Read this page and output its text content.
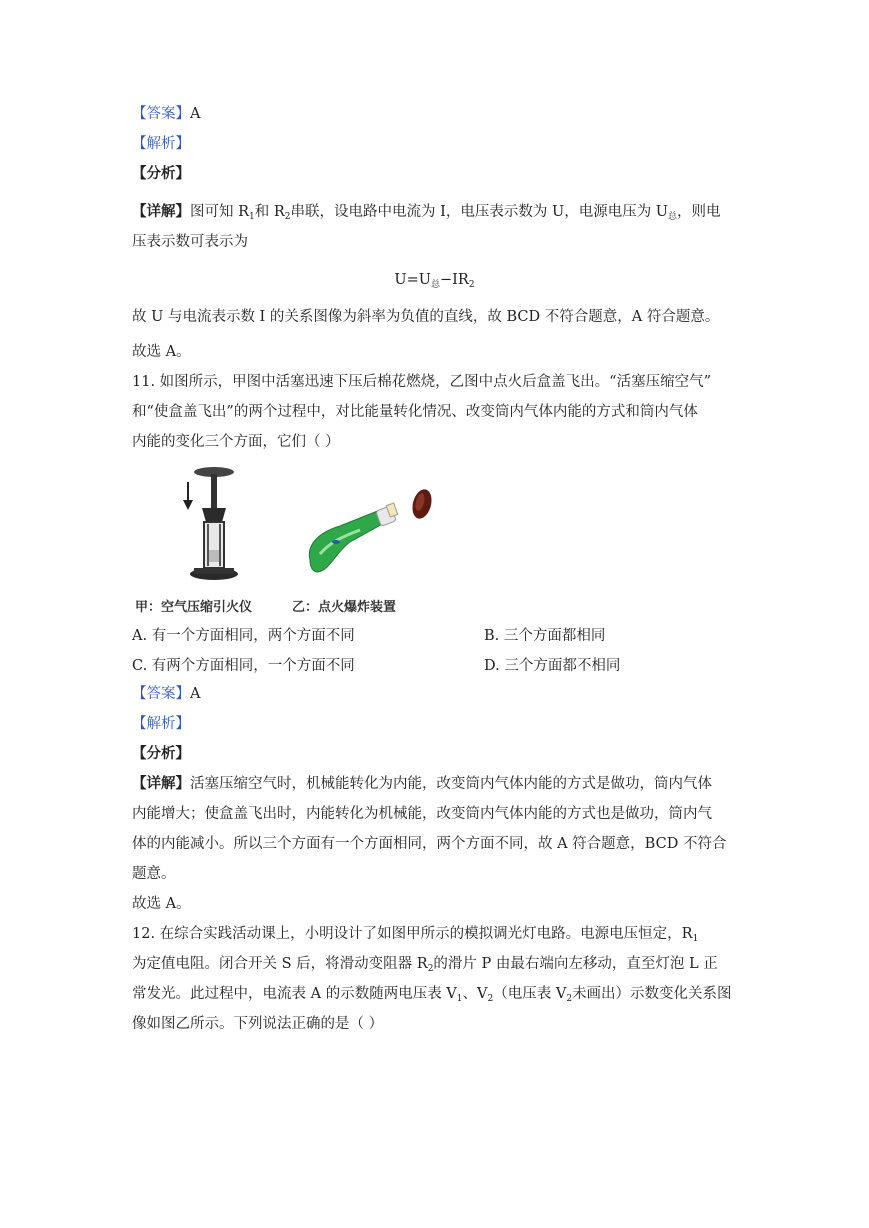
【答案】A
【解析】
【分析】
【详解】图可知 $R_1$和 $R_2$串联，设电路中电流为 I，电压表示数为 U，电源电压为 $U_总$，则电
压表示数可表示为
$U=U_总-IR_2$
故 U 与电流表示数 I 的关系图像为斜率为负值的直线，故 BCD 不符合题意，A 符合题意。
故选 A。
11. 如图所示，甲图中活塞迅速下压后棉花燃烧，乙图中点火后盒盖飞出。“活塞压缩空气”
和“使盒盖飞出”的两个过程中，对比能量转化情况、改变筒内气体内能的方式和筒内气体
内能的变化三个方面，它们（ ）
甲：空气压缩引火仪	乙：点火爆炸装置
A. 有一个方面相同，两个方面不同	B. 三个方面都相同
C. 有两个方面相同，一个方面不同	D. 三个方面都不相同
【答案】A
【解析】
【分析】
【详解】活塞压缩空气时，机械能转化为内能，改变筒内气体内能的方式是做功，筒内气体
内能增大；使盒盖飞出时，内能转化为机械能，改变筒内气体内能的方式也是做功，筒内气
体的内能减小。所以三个方面有一个方面相同，两个方面不同，故 A 符合题意，BCD 不符合
题意。
故选 A。
12. 在综合实践活动课上，小明设计了如图甲所示的模拟调光灯电路。电源电压恒定，$R_1$
为定值电阻。闭合开关 S 后，将滑动变阻器 $R_2$的滑片 P 由最右端向左移动，直至灯泡 L 正
常发光。此过程中，电流表 A 的示数随两电压表 $V_1$、$V_2$（电压表 $V_2$未画出）示数变化关系图
像如图乙所示。下列说法正确的是（ ）
